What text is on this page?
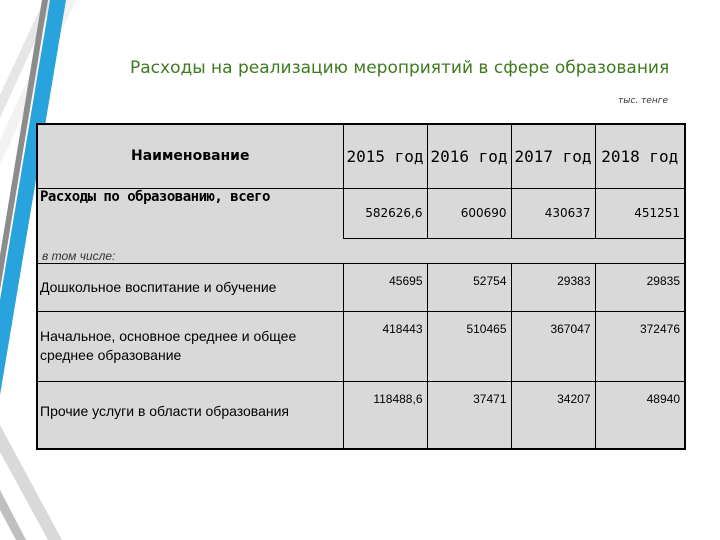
Расходы на реализацию мероприятий в сфере образования
тыс. тенге
Наименование	2015 год	2016 год	2017 год	2018 год
Расходы по образованию, всего	582626,6	600690	430637	451251
в том числе:				
Дошкольное воспитание и обучение	45695	52754	29383	29835
Начальное, основное среднее и общее среднее образование	418443	510465	367047	372476
Прочие услуги в области образования	118488,6	37471	34207	48940
